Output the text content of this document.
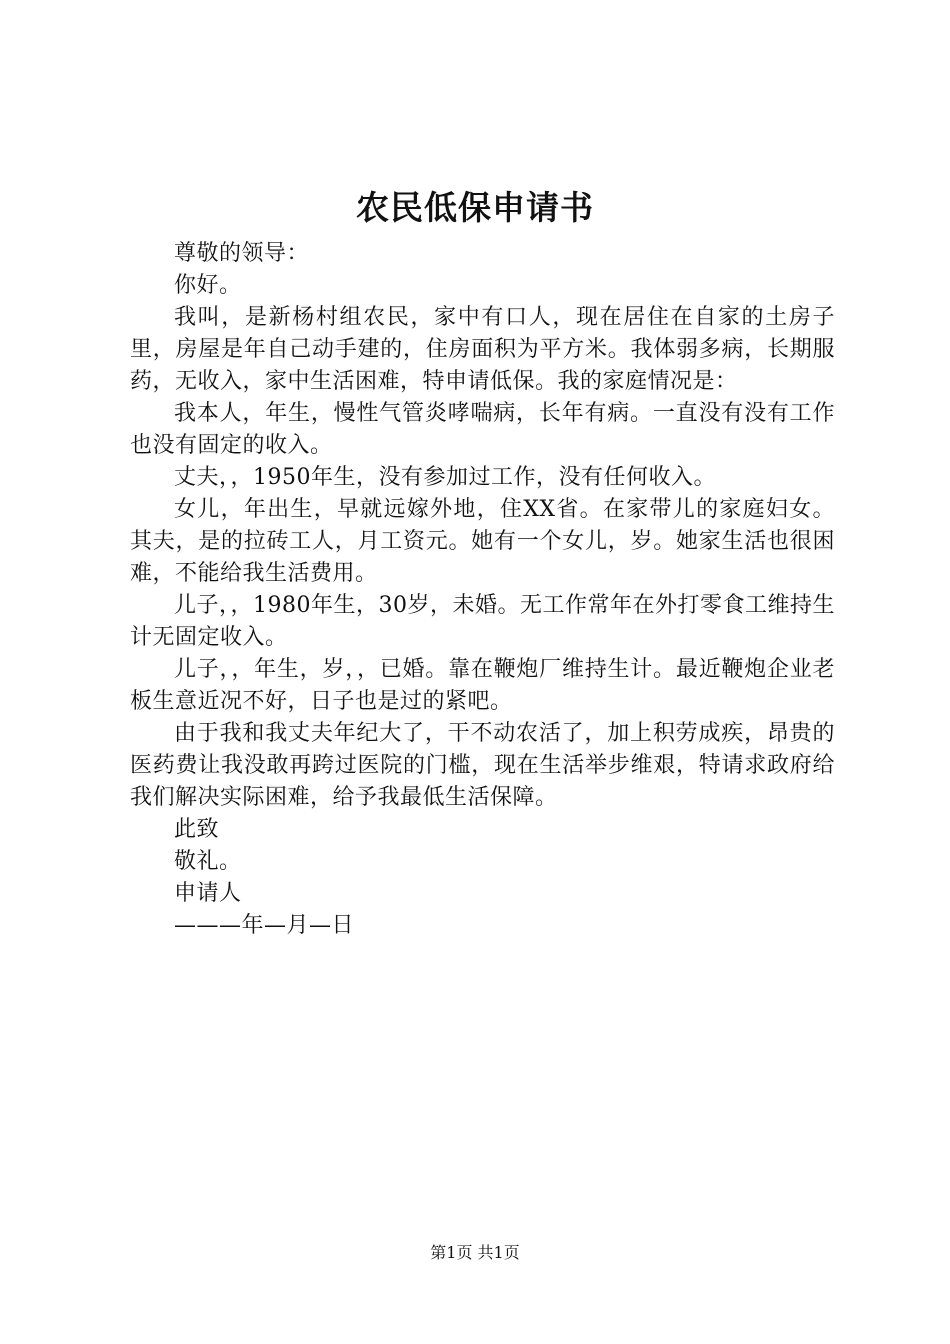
农民低保申请书

尊敬的领导：

你好。

我叫，是新杨村组农民，家中有口人，现在居住在自家的土房子里，房屋是年自己动手建的，住房面积为平方米。我体弱多病，长期服药，无收入，家中生活困难，特申请低保。我的家庭情况是：

我本人，年生，慢性气管炎哮喘病，长年有病。一直没有没有工作也没有固定的收入。

丈夫，，1950年生，没有参加过工作，没有任何收入。

女儿，年出生，早就远嫁外地，住XX省。在家带儿的家庭妇女。其夫，是的拉砖工人，月工资元。她有一个女儿，岁。她家生活也很困难，不能给我生活费用。

儿子，，1980年生，30岁，未婚。无工作常年在外打零食工维持生计无固定收入。

儿子，，年生，岁，，已婚。靠在鞭炮厂维持生计。最近鞭炮企业老板生意近况不好，日子也是过的紧吧。

由于我和我丈夫年纪大了，干不动农活了，加上积劳成疾，昂贵的医药费让我没敢再跨过医院的门槛，现在生活举步维艰，特请求政府给我们解决实际困难，给予我最低生活保障。

此致

敬礼。

申请人

———年—月—日

第1页 共1页
